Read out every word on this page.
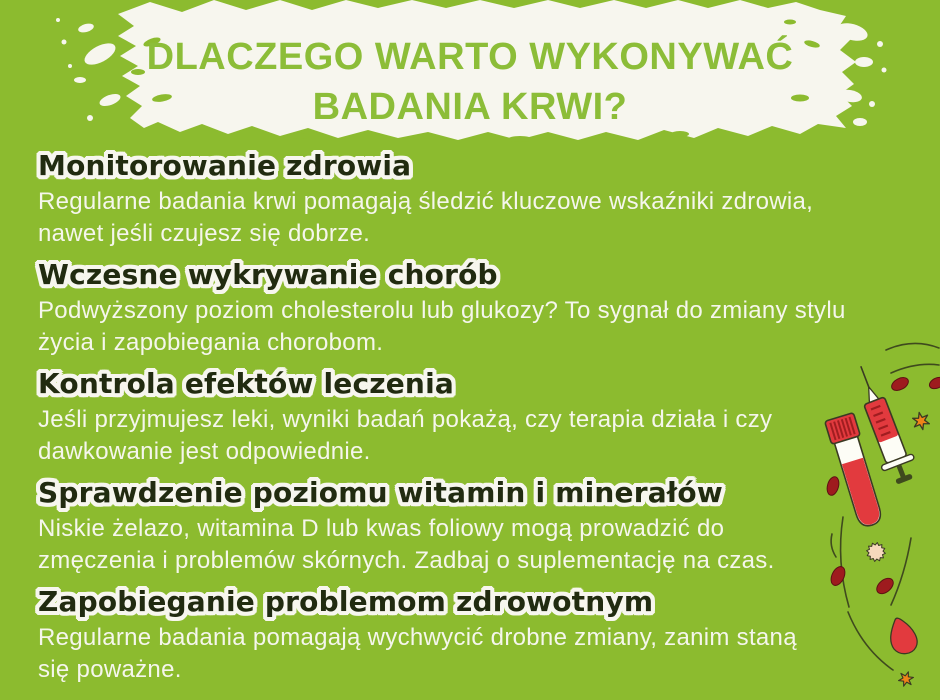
DLACZEGO WARTO WYKONYWAĆ
BADANIA KRWI?
Monitorowanie zdrowia

Regularne badania krwi pomagają śledzić kluczowe wskaźniki zdrowia,

nawet jeśli czujesz się dobrze.

Wczesne wykrywanie chorób

Podwyższony poziom cholesterolu lub glukozy? To sygnał do zmiany stylu

życia i zapobiegania chorobom.

Kontrola efektów leczenia

Jeśli przyjmujesz leki, wyniki badań pokażą, czy terapia działa i czy

dawkowanie jest odpowiednie.

Sprawdzenie poziomu witamin i minerałów

Niskie żelazo, witamina D lub kwas foliowy mogą prowadzić do

zmęczenia i problemów skórnych. Zadbaj o suplementację na czas.

Zapobieganie problemom zdrowotnym

Regularne badania pomagają wychwycić drobne zmiany, zanim staną

się poważne.
